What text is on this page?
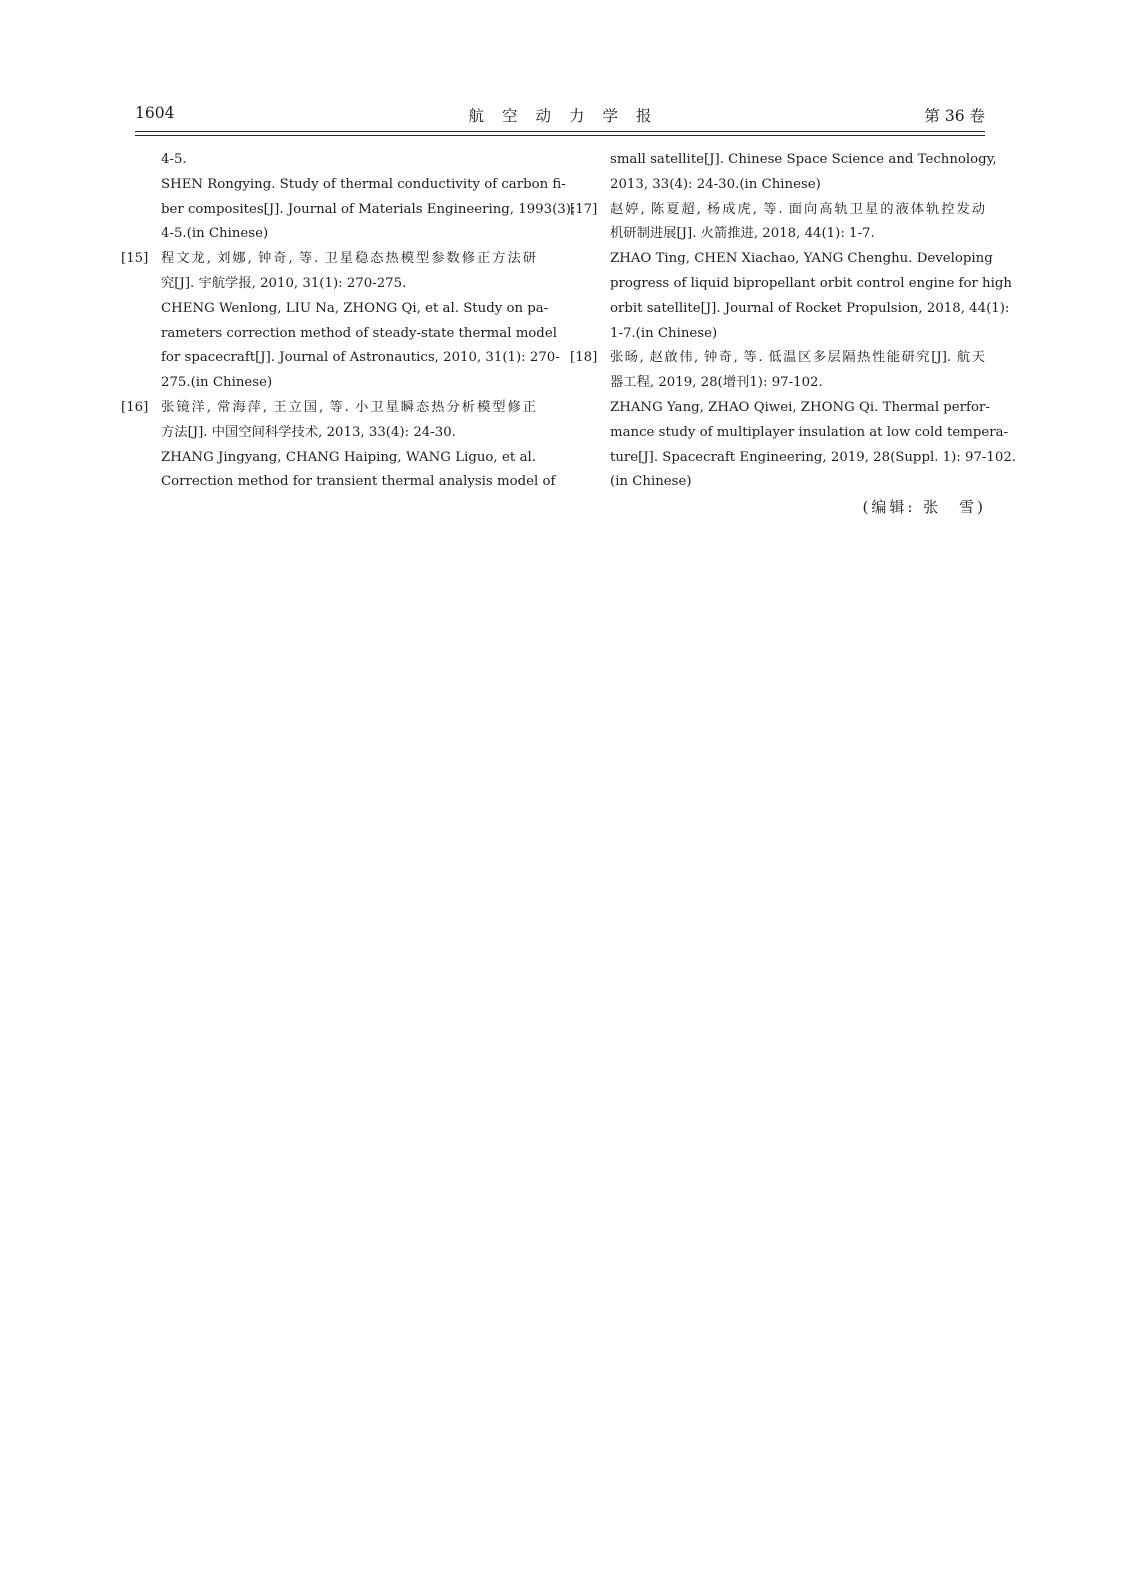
1604	航空动力学报	第 36 卷
4-5.
SHEN Rongying. Study of thermal conductivity of carbon fi-
ber composites[J]. Journal of Materials Engineering, 1993(3):
4-5.(in Chinese)
[15] 程文龙, 刘娜, 钟奇, 等. 卫星稳态热模型参数修正方法研
究[J]. 宇航学报, 2010, 31(1): 270-275.
CHENG Wenlong, LIU Na, ZHONG Qi, et al. Study on pa-
rameters correction method of steady-state thermal model
for spacecraft[J]. Journal of Astronautics, 2010, 31(1): 270-
275.(in Chinese)
[16] 张镜洋, 常海萍, 王立国, 等. 小卫星瞬态热分析模型修正
方法[J]. 中国空间科学技术, 2013, 33(4): 24-30.
ZHANG Jingyang, CHANG Haiping, WANG Liguo, et al.
Correction method for transient thermal analysis model of
small satellite[J]. Chinese Space Science and Technology,
2013, 33(4): 24-30.(in Chinese)
[17] 赵婷, 陈夏超, 杨成虎, 等. 面向高轨卫星的液体轨控发动
机研制进展[J]. 火箭推进, 2018, 44(1): 1-7.
ZHAO Ting, CHEN Xiachao, YANG Chenghu. Developing
progress of liquid bipropellant orbit control engine for high
orbit satellite[J]. Journal of Rocket Propulsion, 2018, 44(1):
1-7.(in Chinese)
[18] 张旸, 赵啟伟, 钟奇, 等. 低温区多层隔热性能研究[J]. 航天
器工程, 2019, 28(增刊1): 97-102.
ZHANG Yang, ZHAO Qiwei, ZHONG Qi. Thermal perfor-
mance study of multiplayer insulation at low cold tempera-
ture[J]. Spacecraft Engineering, 2019, 28(Suppl. 1): 97-102.
(in Chinese)
(编辑: 张　雪)
